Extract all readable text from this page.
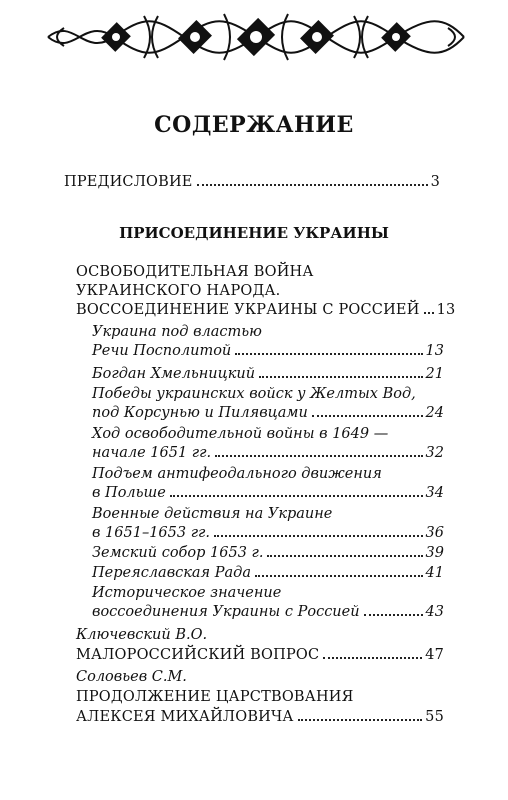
СОДЕРЖАНИЕ
ПРЕДИСЛОВИЕ	3
ПРИСОЕДИНЕНИЕ УКРАИНЫ
ОСВОБОДИТЕЛЬНАЯ ВОЙНА
УКРАИНСКОГО НАРОДА.
ВОССОЕДИНЕНИЕ УКРАИНЫ С РОССИЕЙ 13
Украина под властью
Речи Посполитой	13
Богдан Хмельницкий	21
Победы украинских войск у Желтых Вод,
под Корсунью и Пилявцами	24
Ход освободительной войны в 1649 —
начале 1651 гг.	32
Подъем антифеодального движения
в Польше	34
Военные действия на Украине
в 1651–1653 гг.	36
Земский собор 1653 г.	39
Переяславская Рада	41
Историческое значение
воссоединения Украины с Россией	43
Ключевский В.О.
МАЛОРОССИЙСКИЙ ВОПРОС	47
Соловьев С.М.
ПРОДОЛЖЕНИЕ ЦАРСТВОВАНИЯ
АЛЕКСЕЯ МИХАЙЛОВИЧА	55
